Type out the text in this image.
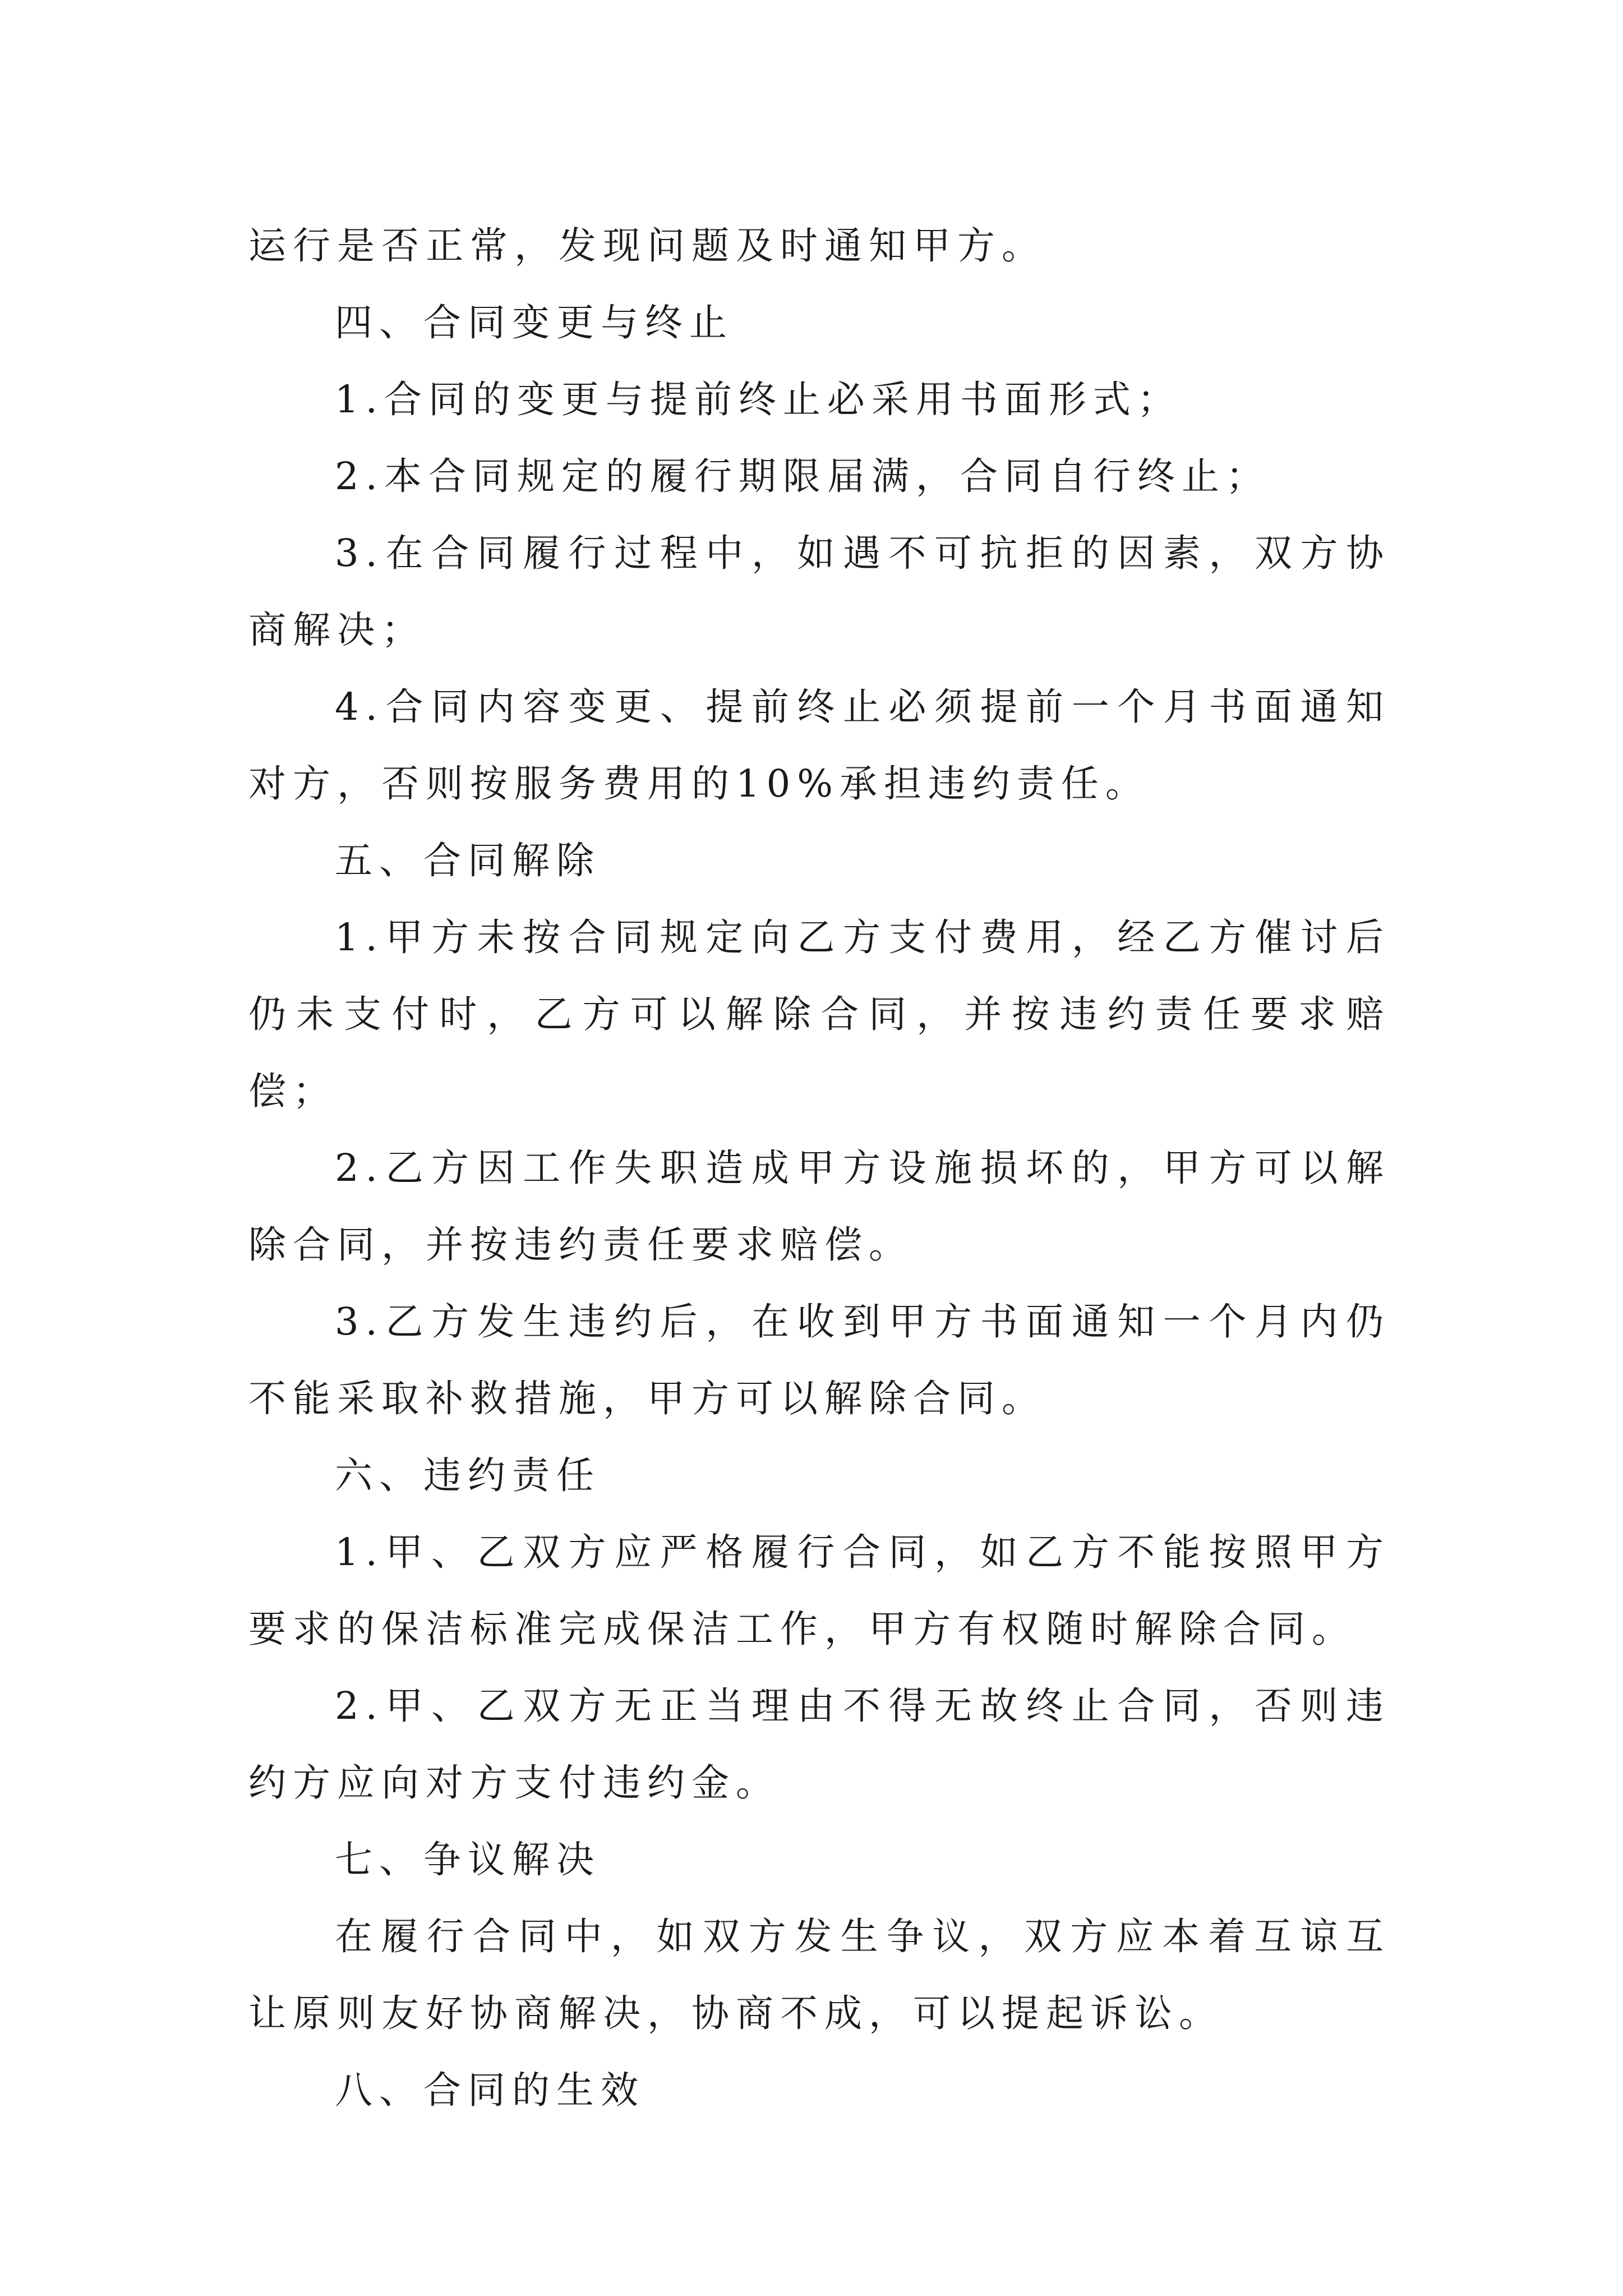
运行是否正常，发现问题及时通知甲方。

四、合同变更与终止

1.合同的变更与提前终止必采用书面形式；

2.本合同规定的履行期限届满，合同自行终止；

3.在合同履行过程中，如遇不可抗拒的因素，双方协商解决；

4.合同内容变更、提前终止必须提前一个月书面通知对方，否则按服务费用的10%承担违约责任。

五、合同解除

1.甲方未按合同规定向乙方支付费用，经乙方催讨后仍未支付时，乙方可以解除合同，并按违约责任要求赔偿；

2.乙方因工作失职造成甲方设施损坏的，甲方可以解除合同，并按违约责任要求赔偿。

3.乙方发生违约后，在收到甲方书面通知一个月内仍不能采取补救措施，甲方可以解除合同。

六、违约责任

1.甲、乙双方应严格履行合同，如乙方不能按照甲方要求的保洁标准完成保洁工作，甲方有权随时解除合同。

2.甲、乙双方无正当理由不得无故终止合同，否则违约方应向对方支付违约金。

七、争议解决

在履行合同中，如双方发生争议，双方应本着互谅互让原则友好协商解决，协商不成，可以提起诉讼。

八、合同的生效
